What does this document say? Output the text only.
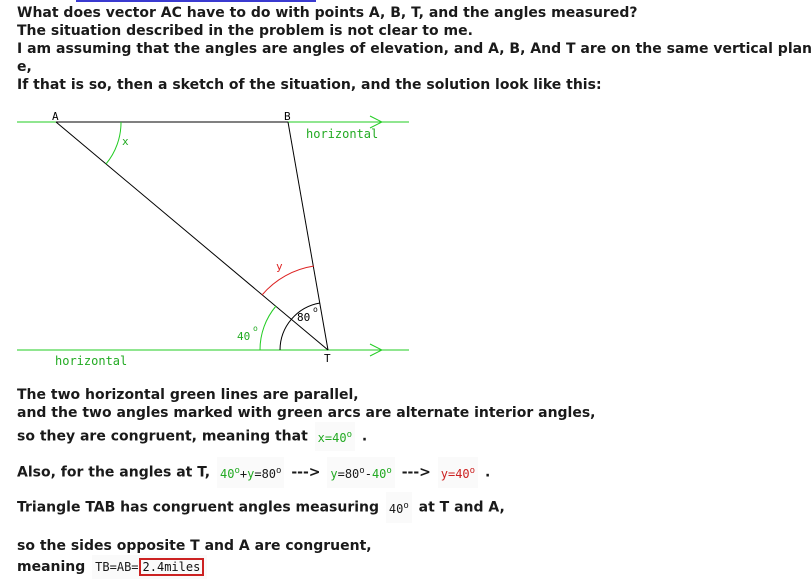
What does vector AC have to do with points A, B, T, and the angles measured?

The situation described in the problem is not clear to me.

I am assuming that the angles are angles of elevation, and A, B, And T are on the same vertical plan

e,

If that is so, then a sketch of the situation, and the solution look like this:

A	B
T
horizontal
horizontal
x
y
40
o
80
o

The two horizontal green lines are parallel,

and the two angles marked with green arcs are alternate interior angles,

so they are congruent, meaning that $x=40^o$ .

Also, for the angles at T, $40^o+y=80^o$ ---> $y=80^o-40^o$ ---> $y=40^o$ .

Triangle TAB has congruent angles measuring 40$^o$ at T and A,

so the sides opposite T and A are congruent,

meaning TB=AB= 2.4miles
